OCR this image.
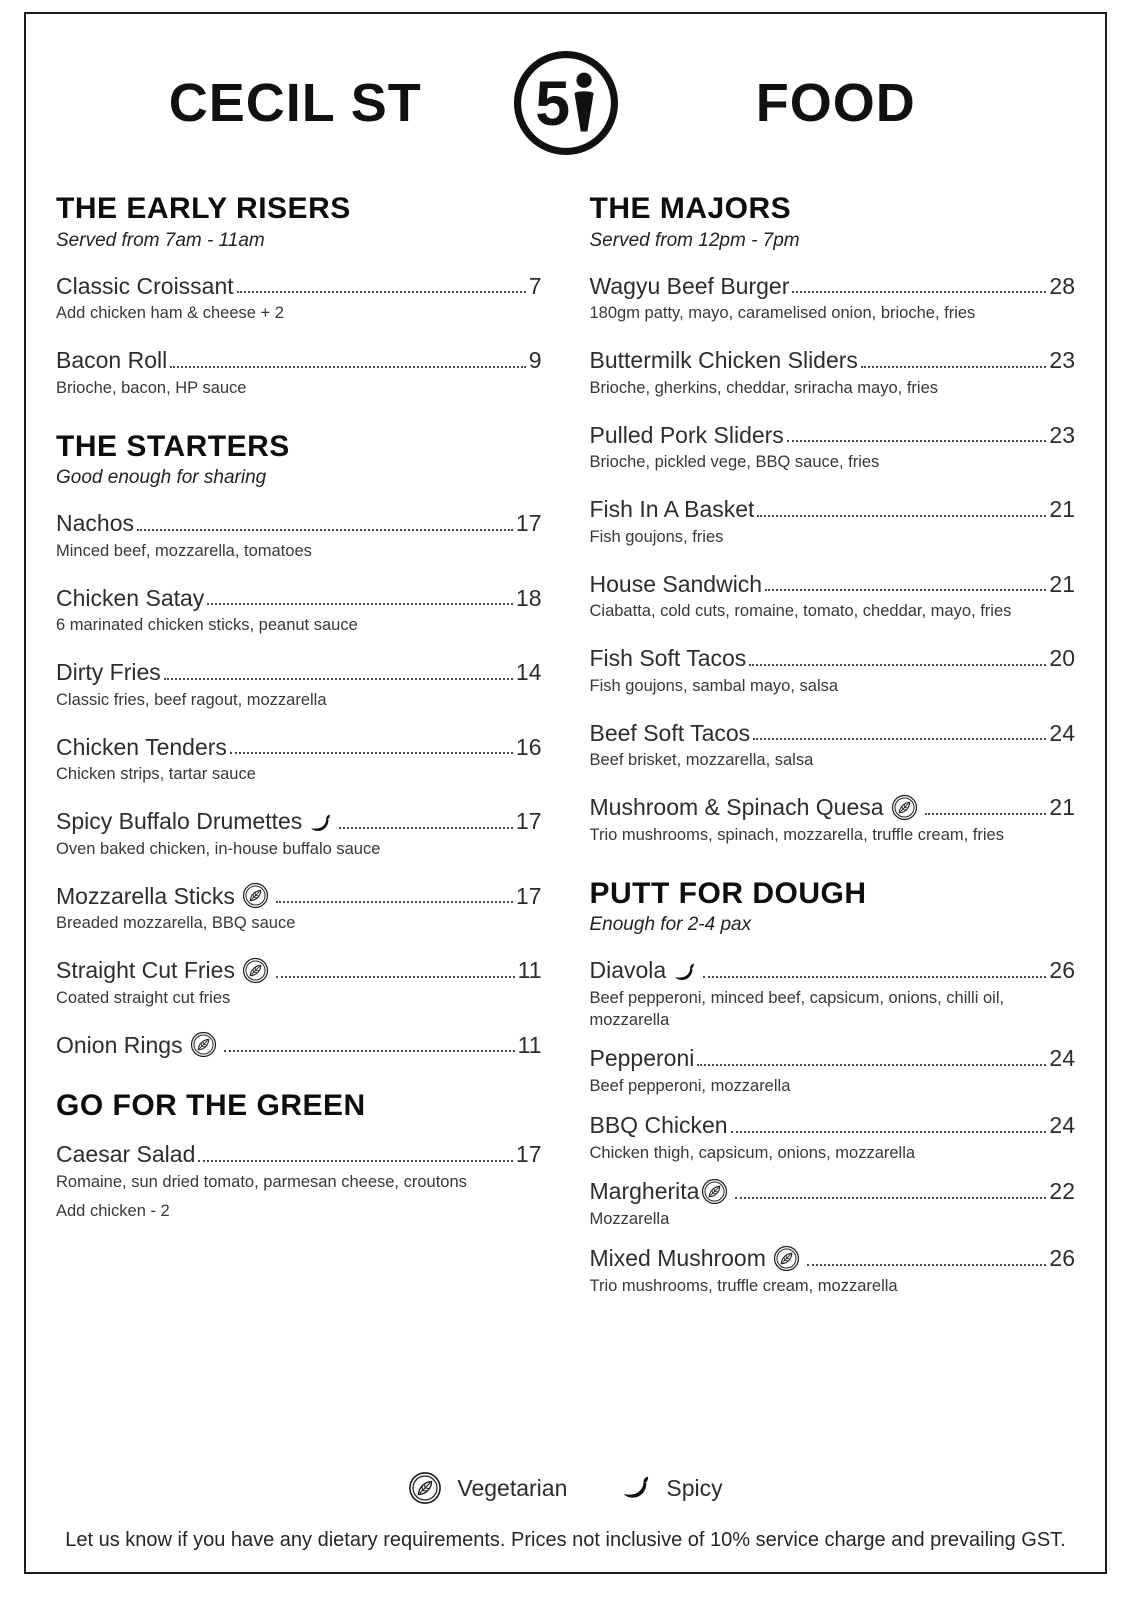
CECIL ST	5	FOOD
THE EARLY RISERS
Served from 7am - 11am
Classic Croissant	7
Add chicken ham & cheese + 2
Bacon Roll	9
Brioche, bacon, HP sauce
THE STARTERS
Good enough for sharing
Nachos	17
Minced beef, mozzarella, tomatoes
Chicken Satay	18
6 marinated chicken sticks, peanut sauce
Dirty Fries	14
Classic fries, beef ragout, mozzarella
Chicken Tenders	16
Chicken strips, tartar sauce
Spicy Buffalo Drumettes	17
Oven baked chicken, in-house buffalo sauce
Mozzarella Sticks	17
Breaded mozzarella, BBQ sauce
Straight Cut Fries	11
Coated straight cut fries
Onion Rings	11
GO FOR THE GREEN
Caesar Salad	17
Romaine, sun dried tomato, parmesan cheese, croutons
Add chicken - 2
THE MAJORS
Served from 12pm - 7pm
Wagyu Beef Burger	28
180gm patty, mayo, caramelised onion, brioche, fries
Buttermilk Chicken Sliders	23
Brioche, gherkins, cheddar, sriracha mayo, fries
Pulled Pork Sliders	23
Brioche, pickled vege, BBQ sauce, fries
Fish In A Basket	21
Fish goujons, fries
House Sandwich	21
Ciabatta, cold cuts, romaine, tomato, cheddar, mayo, fries
Fish Soft Tacos	20
Fish goujons, sambal mayo, salsa
Beef Soft Tacos	24
Beef brisket, mozzarella, salsa
Mushroom & Spinach Quesa	21
Trio mushrooms, spinach, mozzarella, truffle cream, fries
PUTT FOR DOUGH
Enough for 2-4 pax
Diavola	26
Beef pepperoni, minced beef, capsicum, onions, chilli oil, mozzarella
Pepperoni	24
Beef pepperoni, mozzarella
BBQ Chicken	24
Chicken thigh, capsicum, onions, mozzarella
Margherita	22
Mozzarella
Mixed Mushroom	26
Trio mushrooms, truffle cream, mozzarella
Vegetarian	Spicy
Let us know if you have any dietary requirements. Prices not inclusive of 10% service charge and prevailing GST.
